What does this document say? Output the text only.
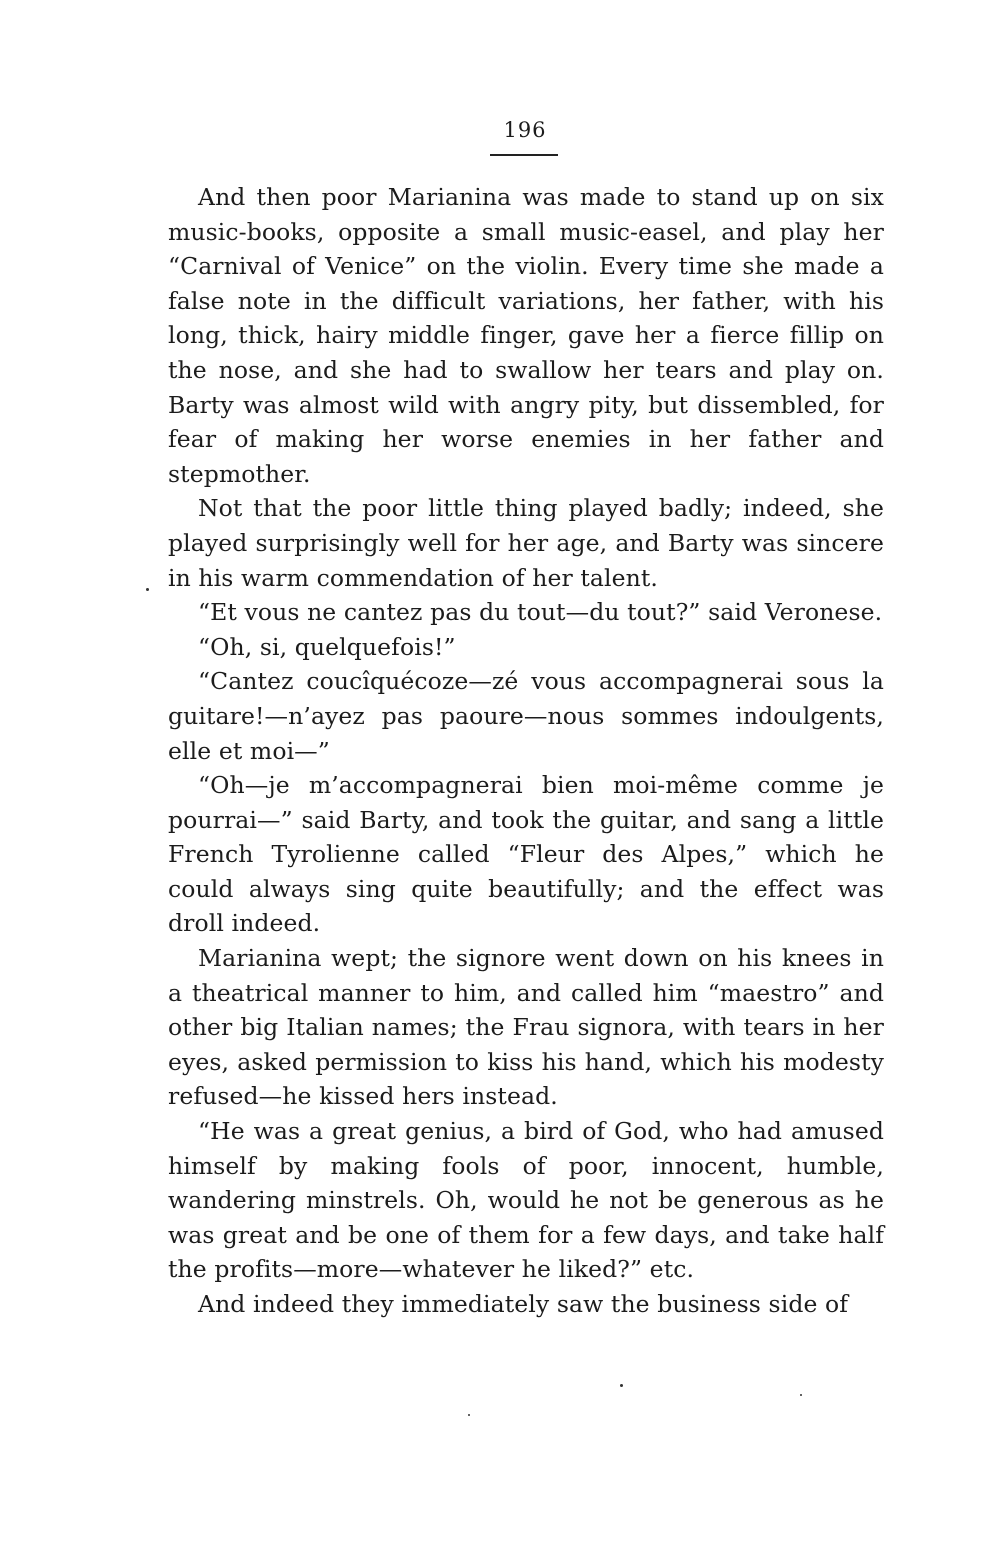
196

And then poor Marianina was made to stand up on six music-books, opposite a small music-easel, and play her “Carnival of Venice” on the violin. Every time she made a false note in the difficult variations, her father, with his long, thick, hairy middle finger, gave her a fierce fillip on the nose, and she had to swallow her tears and play on. Barty was almost wild with angry pity, but dissembled, for fear of making her worse enemies in her father and stepmother.

Not that the poor little thing played badly; indeed, she played surprisingly well for her age, and Barty was sincere in his warm commendation of her talent.

“Et vous ne cantez pas du tout—du tout?” said Veronese.

“Oh, si, quelquefois!”

“Cantez coucîquécoze—zé vous accompagnerai sous la guitare!—n’ayez pas paoure—nous sommes indoulgents, elle et moi—”

“Oh—je m’accompagnerai bien moi-même comme je pourrai—” said Barty, and took the guitar, and sang a little French Tyrolienne called “Fleur des Alpes,” which he could always sing quite beautifully; and the effect was droll indeed.

Marianina wept; the signore went down on his knees in a theatrical manner to him, and called him “maestro” and other big Italian names; the Frau signora, with tears in her eyes, asked permission to kiss his hand, which his modesty refused—he kissed hers instead.

“He was a great genius, a bird of God, who had amused himself by making fools of poor, innocent, humble, wandering minstrels. Oh, would he not be generous as he was great and be one of them for a few days, and take half the profits—more—whatever he liked?” etc.

And indeed they immediately saw the business side of
